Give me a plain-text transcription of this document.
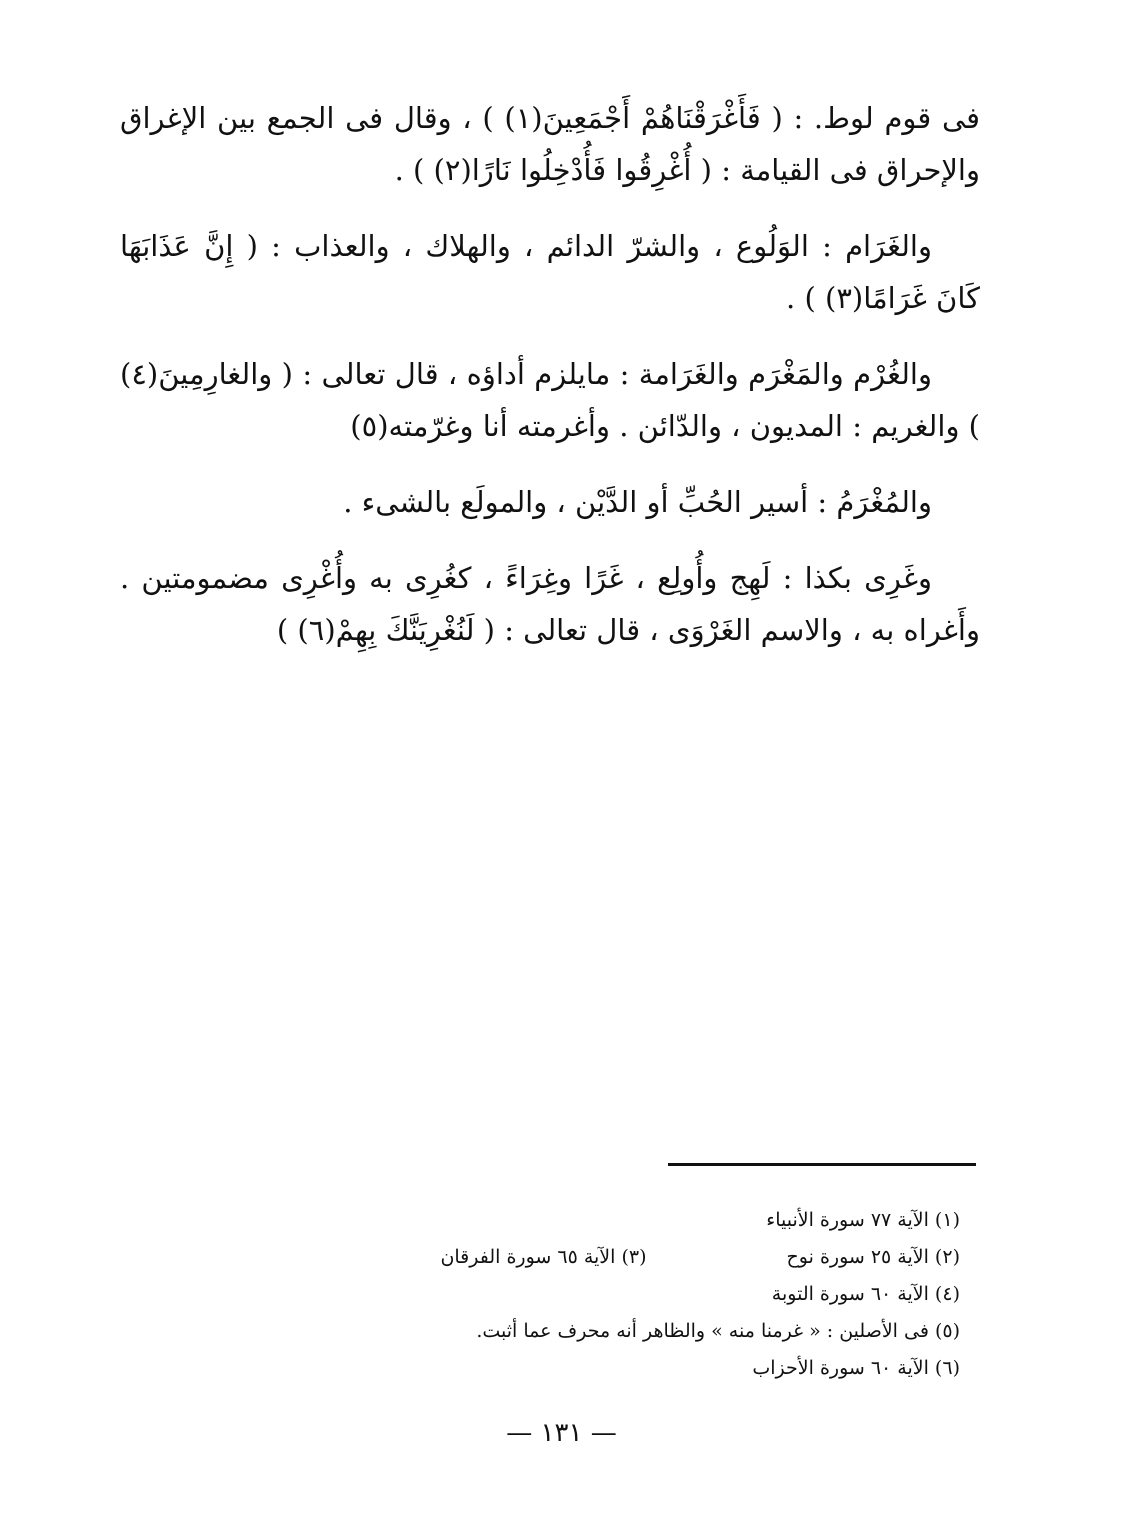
فى قوم لوط. : ( فَأَغْرَقْنَاهُمْ أَجْمَعِينَ(١) ) ، وقال فى الجمع بين الإغراق والإحراق فى القيامة : ( أُغْرِقُوا فَأُدْخِلُوا نَارًا(٢) ) .

والغَرَام : الوَلُوع ، والشرّ الدائم ، والهلاك ، والعذاب : ( إِنَّ عَذَابَهَا كَانَ غَرَامًا(٣) ) .

والغُرْم والمَغْرَم والغَرَامة : مايلزم أداؤه ، قال تعالى : ( والغارِمِينَ(٤) ) والغريم : المديون ، والدّائن . وأغرمته أنا وغرّمته(٥)

والمُغْرَمُ : أسير الحُبِّ أو الدَّيْن ، والمولَع بالشىء .

وغَرِى بكذا : لَهِج وأُولِع ، غَرًا وغِرَاءً ، كغُرِى به وأُغْرِى مضمومتين . وأَغراه به ، والاسم الغَرْوَى ، قال تعالى : ( لَنُغْرِيَنَّكَ بِهِمْ(٦) )

(١) الآية ٧٧ سورة الأنبياء
(٢) الآية ٢٥ سورة نوح
(٣) الآية ٦٥ سورة الفرقان
(٤) الآية ٦٠ سورة التوبة
(٥) فى الأصلين : « غرمنا منه » والظاهر أنه محرف عما أثبت.
(٦) الآية ٦٠ سورة الأحزاب
— ١٣١ —
